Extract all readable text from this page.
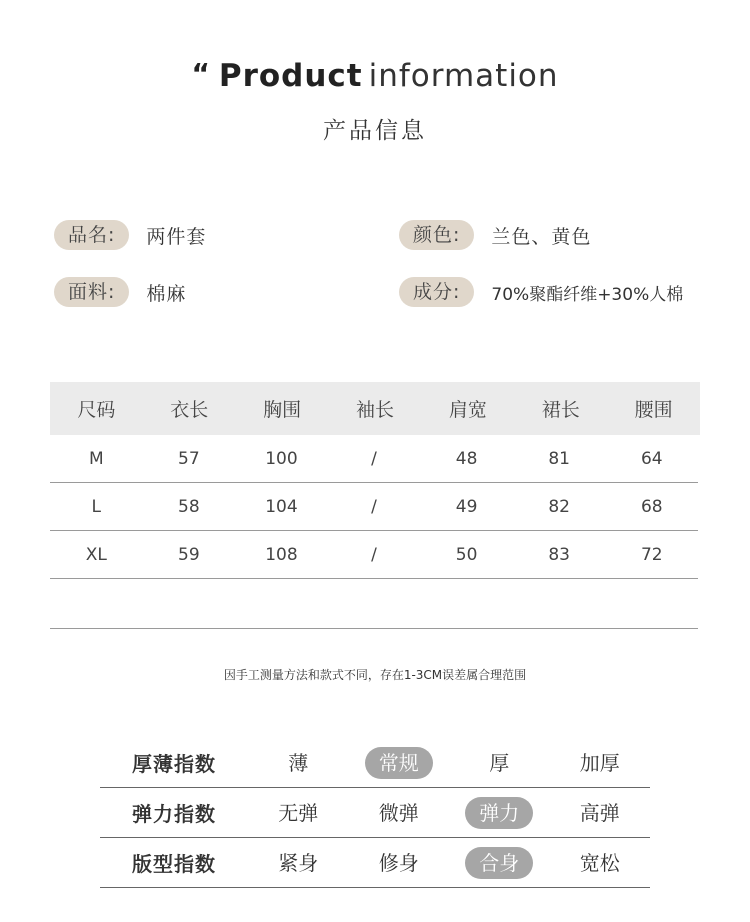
“ Product information
产品信息
品名:	两件套	颜色:	兰色、黄色
面料:	棉麻	成分:	70%聚酯纤维+30%人棉
尺码	衣长	胸围	袖长	肩宽	裙长	腰围
M	57	100	/	48	81	64
L	58	104	/	49	82	68
XL	59	108	/	50	83	72
因手工测量方法和款式不同，存在1-3CM误差属合理范围
厚薄指数	薄	常规	厚	加厚
弹力指数	无弹	微弹	弹力	高弹
版型指数	紧身	修身	合身	宽松
